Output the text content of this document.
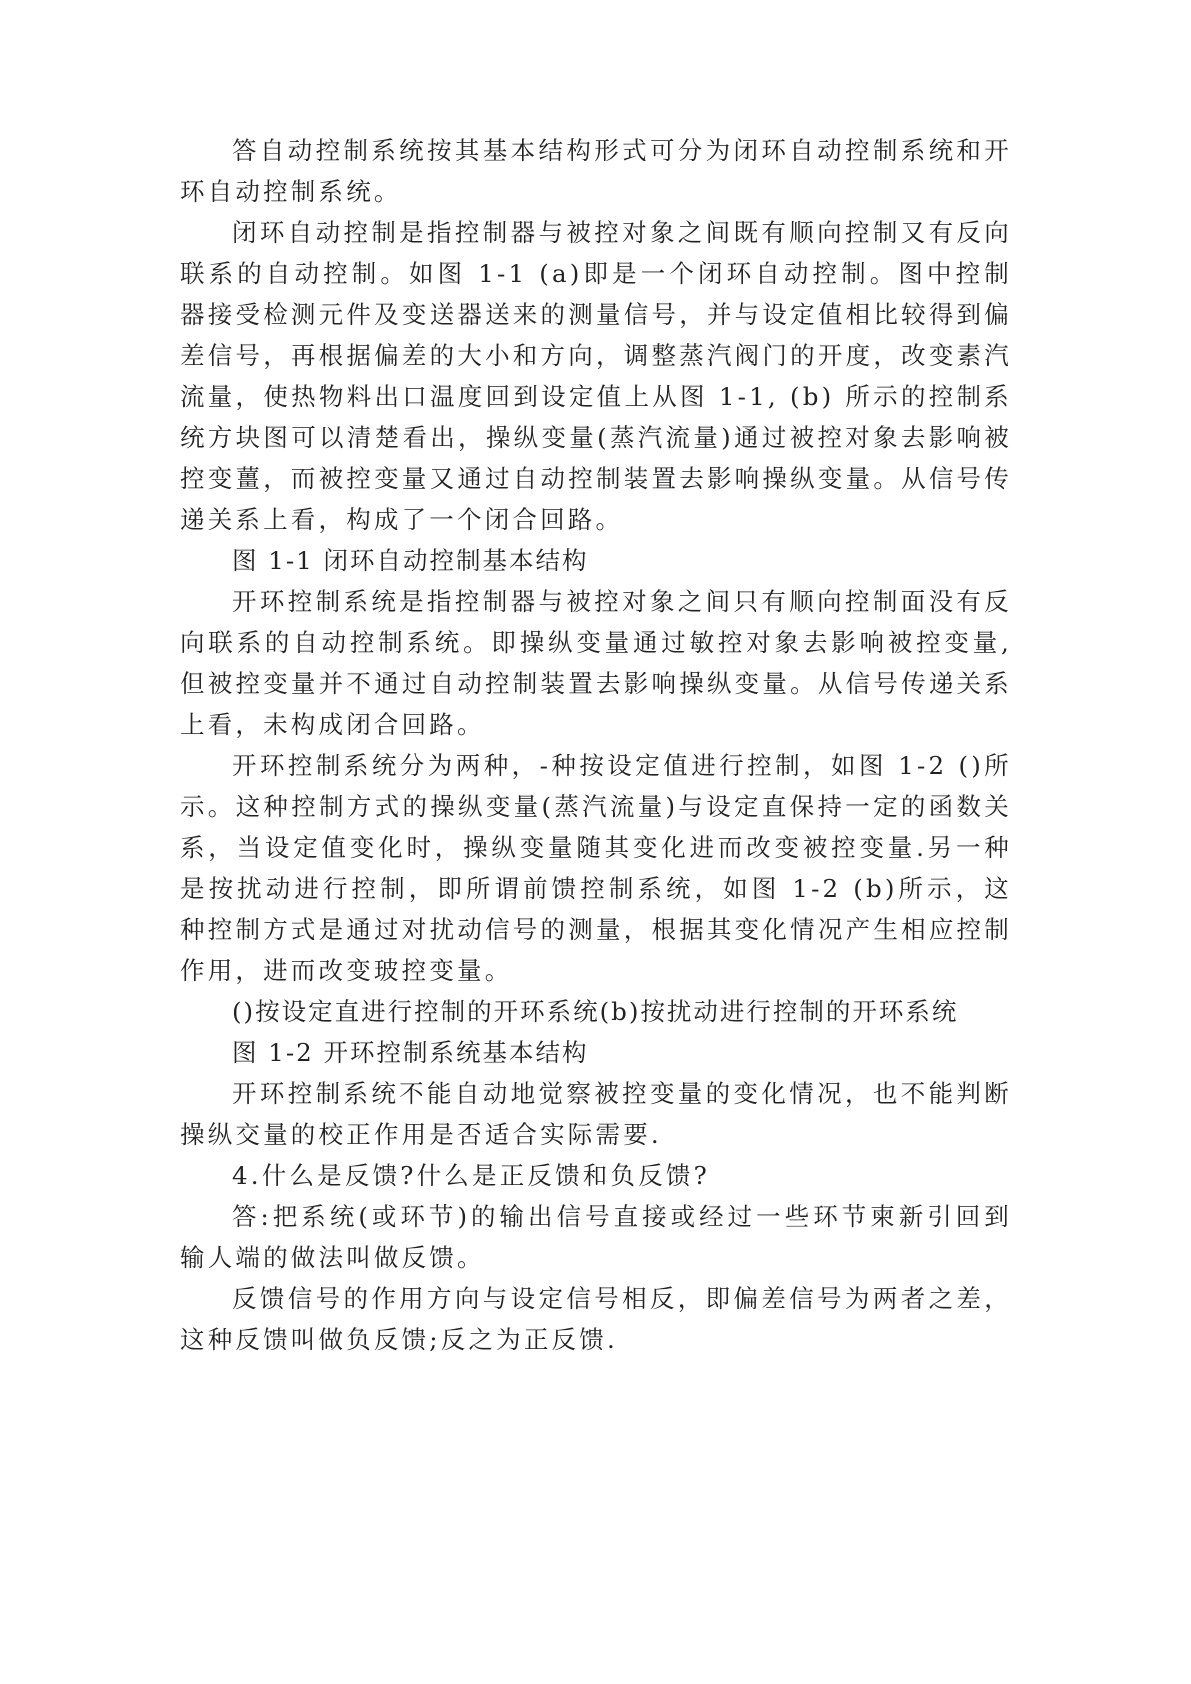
答自动控制系统按其基本结构形式可分为闭环自动控制系统和开环自动控制系统。

闭环自动控制是指控制器与被控对象之间既有顺向控制又有反向联系的自动控制。如图 1-1 (a)即是一个闭环自动控制。图中控制器接受检测元件及变送器送来的测量信号，并与设定值相比较得到偏差信号，再根据偏差的大小和方向，调整蒸汽阀门的开度，改变素汽流量，使热物料出口温度回到设定值上从图 1-1, (b) 所示的控制系统方块图可以清楚看出，操纵变量(蒸汽流量)通过被控对象去影响被控变薑，而被控变量又通过自动控制装置去影响操纵变量。从信号传递关系上看，构成了一个闭合回路。

图 1-1 闭环自动控制基本结构

开环控制系统是指控制器与被控对象之间只有顺向控制面没有反向联系的自动控制系统。即操纵变量通过敏控对象去影响被控变量,但被控变量并不通过自动控制装置去影响操纵变量。从信号传递关系上看，未构成闭合回路。

开环控制系统分为两种，-种按设定值进行控制，如图 1-2 ()所示。这种控制方式的操纵变量(蒸汽流量)与设定直保持一定的函数关系，当设定值变化时，操纵变量随其变化进而改变被控变量.另一种是按扰动进行控制，即所谓前馈控制系统，如图 1-2 (b)所示，这种控制方式是通过对扰动信号的测量，根据其变化情况产生相应控制作用，进而改变玻控变量。

()按设定直进行控制的开环系统(b)按扰动进行控制的开环系统

图 1-2 开环控制系统基本结构

开环控制系统不能自动地觉察被控变量的变化情况，也不能判断操纵交量的校正作用是否适合实际需要.

4.什么是反馈?什么是正反馈和负反馈?

答:把系统(或环节)的输出信号直接或经过一些环节柬新引回到输人端的做法叫做反馈。

反馈信号的作用方向与设定信号相反，即偏差信号为两者之差，这种反馈叫做负反馈;反之为正反馈.
